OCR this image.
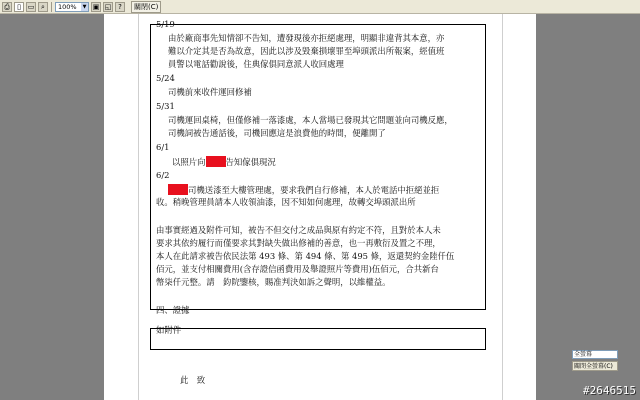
⎙	▯ ▭ ⌕	100%	▼ ▣ ◱ ?	關閉(C)
5/19
由於廠商事先知情卻不告知，遭發現後亦拒絕處理，明顯非違背其本意，亦
難以介定其是否為故意，因此以涉及毀棄損壞罪至埠頭派出所報案，經值班
員警以電話勸說後，住典傢俱同意派人收回處理
5/24
司機前來收件運回修補
5/31
司機運回桌椅，但僅修補一落漆處，本人當場已發現其它問題並向司機反應，
司機詞被告通話後，司機回應這是浪費他的時間，便離開了
6/1
以照片向 告知傢俱現況
6/2
司機送漆至大樓管理處，要求我們自行修補，本人於電話中拒絕並拒
收。稍晚管理員請本人收領油漆，因不知如何處理，故轉交埠頭派出所
由事實經過及附件可知，被告不但交付之成品與原有約定不符，且對於本人未
要求其依約履行而僅要求其對缺失做出修補的善意，也一再敷衍及置之不理，
本人在此請求被告依民法第 493 條、第 494 條、第 495 條，返還契約金陸仟伍
佰元，並支付相關費用(含存證信函費用及舉證照片等費用)伍佰元，合共新台
幣柒仟元整。請　鈞院鑒核，賜准判決如訴之聲明，以維權益。
四、證據
如附件
此　致
全螢幕
關閉全螢幕(C)
#2646515
